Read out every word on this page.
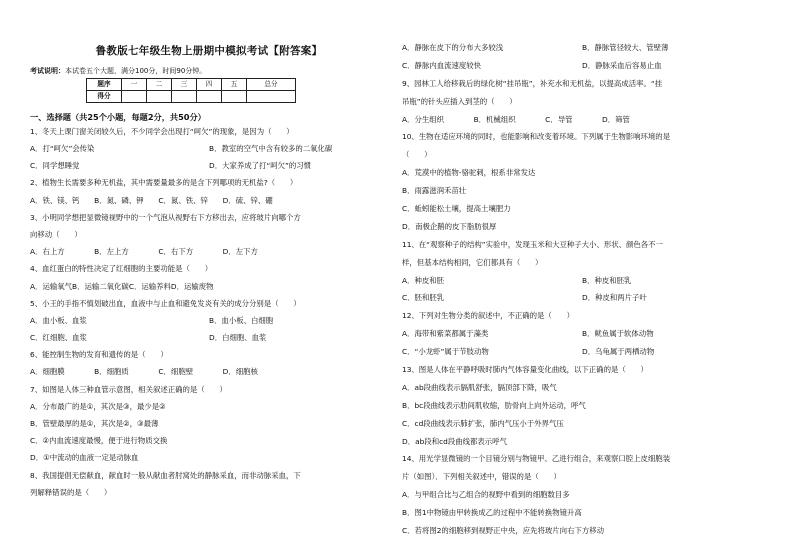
鲁教版七年级生物上册期中模拟考试【附答案】
考试说明：本试卷五个大题，满分100分，时间90分钟。
题序	一	二	三	四	五	总分
得分						
一、选择题（共25个小题，每题2分，共50分）
1、冬天上课门窗关闭较久后，不少同学会出现打“呵欠”的现象，是因为（　　）
A．打“呵欠”会传染	B．教室的空气中含有较多的二氧化碳
C．同学想睡觉	D．大家养成了打“呵欠”的习惯
2、植物生长需要多种无机盐，其中需要量最多的是含下列哪项的无机盐?（　　）
A．铁、镁、钙　　B．氮、磷、钾　　C．氮、铁、锌　　D．硫、锌、硼
3、小明同学想把显微镜视野中的一个气泡从视野右下方移出去，应将玻片向哪个方
向移动（　　）
A．右上方　　　　B．左上方　　　　C．右下方　　　　D．左下方
4、血红蛋白的特性决定了红细胞的主要功能是（　　）
A．运输氧气B．运输二氧化碳C．运输养料D．运输废物
5、小王的手指不慎划破出血，血液中与止血和避免发炎有关的成分分别是（　　）
A．血小板、血浆	B．血小板、白细胞
C．红细胞、血浆	D．白细胞、血浆
6、能控制生物的发育和遗传的是（　　）
A．细胞膜　　　　B．细胞质　　　　C．细胞壁　　　　D．细胞核
7、如图是人体三种血管示意图，相关叙述正确的是（　　）
A．分布最广的是①，其次是③，最少是②
B．管壁最厚的是①，其次是②，③最薄
C．②内血流速度最慢，便于进行物质交换
D．①中流动的血液一定是动脉血
8、我国提倡无偿献血，献血时一般从献血者肘窝处的静脉采血，而非动脉采血，下
列解释错误的是（　　）
A．静脉在皮下的分布大多较浅	B．静脉管径较大、管壁薄
C．静脉内血流速度较快	D．静脉采血后容易止血
9、园林工人给移栽后的绿化树“挂吊瓶”，补充水和无机盐，以提高成活率。“挂
吊瓶”的针头应插入到茎的（　　）
A．分生组织　　　　B．机械组织　　　　C．导管　　　　D．筛管
10、生物在适应环境的同时，也能影响和改变着环境。下列属于生物影响环境的是
（　　）
A．荒漠中的植物-骆驼刺，根系非常发达
B．雨露滋润禾苗壮
C．蚯蚓能松土壤，提高土壤肥力
D．南极企鹅的皮下脂肪很厚
11、在“观察种子的结构”实验中，发现玉米和大豆种子大小、形状、颜色各不一
样，但基本结构相同，它们都具有（　　）
A．种皮和胚	B．种皮和胚乳
C．胚和胚乳	D．种皮和两片子叶
12、下列对生物分类的叙述中，不正确的是（　　）
A．海带和紫菜都属于藻类	B．鱿鱼属于软体动物
C．“小龙虾”属于节肢动物	D．乌龟属于两栖动物
13、图是人体在平静呼吸时肺内气体容量变化曲线，以下正确的是（　　）
A．ab段曲线表示膈肌舒张，膈顶部下降，吸气
B．bc段曲线表示肋间肌收缩，肋骨向上向外运动，呼气
C．cd段曲线表示肺扩张，肺内气压小于外界气压
D．ab段和cd段曲线都表示呼气
14、用光学显微镜的一个目镜分别与物镜甲、乙进行组合，来观察口腔上皮细胞装
片（如图）．下列相关叙述中，错误的是（　　）
A．与甲组合比与乙组合的视野中看到的细胞数目多
B．图1中物镜由甲转换成乙的过程中不能转换物镜升高
C．若将图2的细胞移到视野正中央，应先将玻片向右下方移动
